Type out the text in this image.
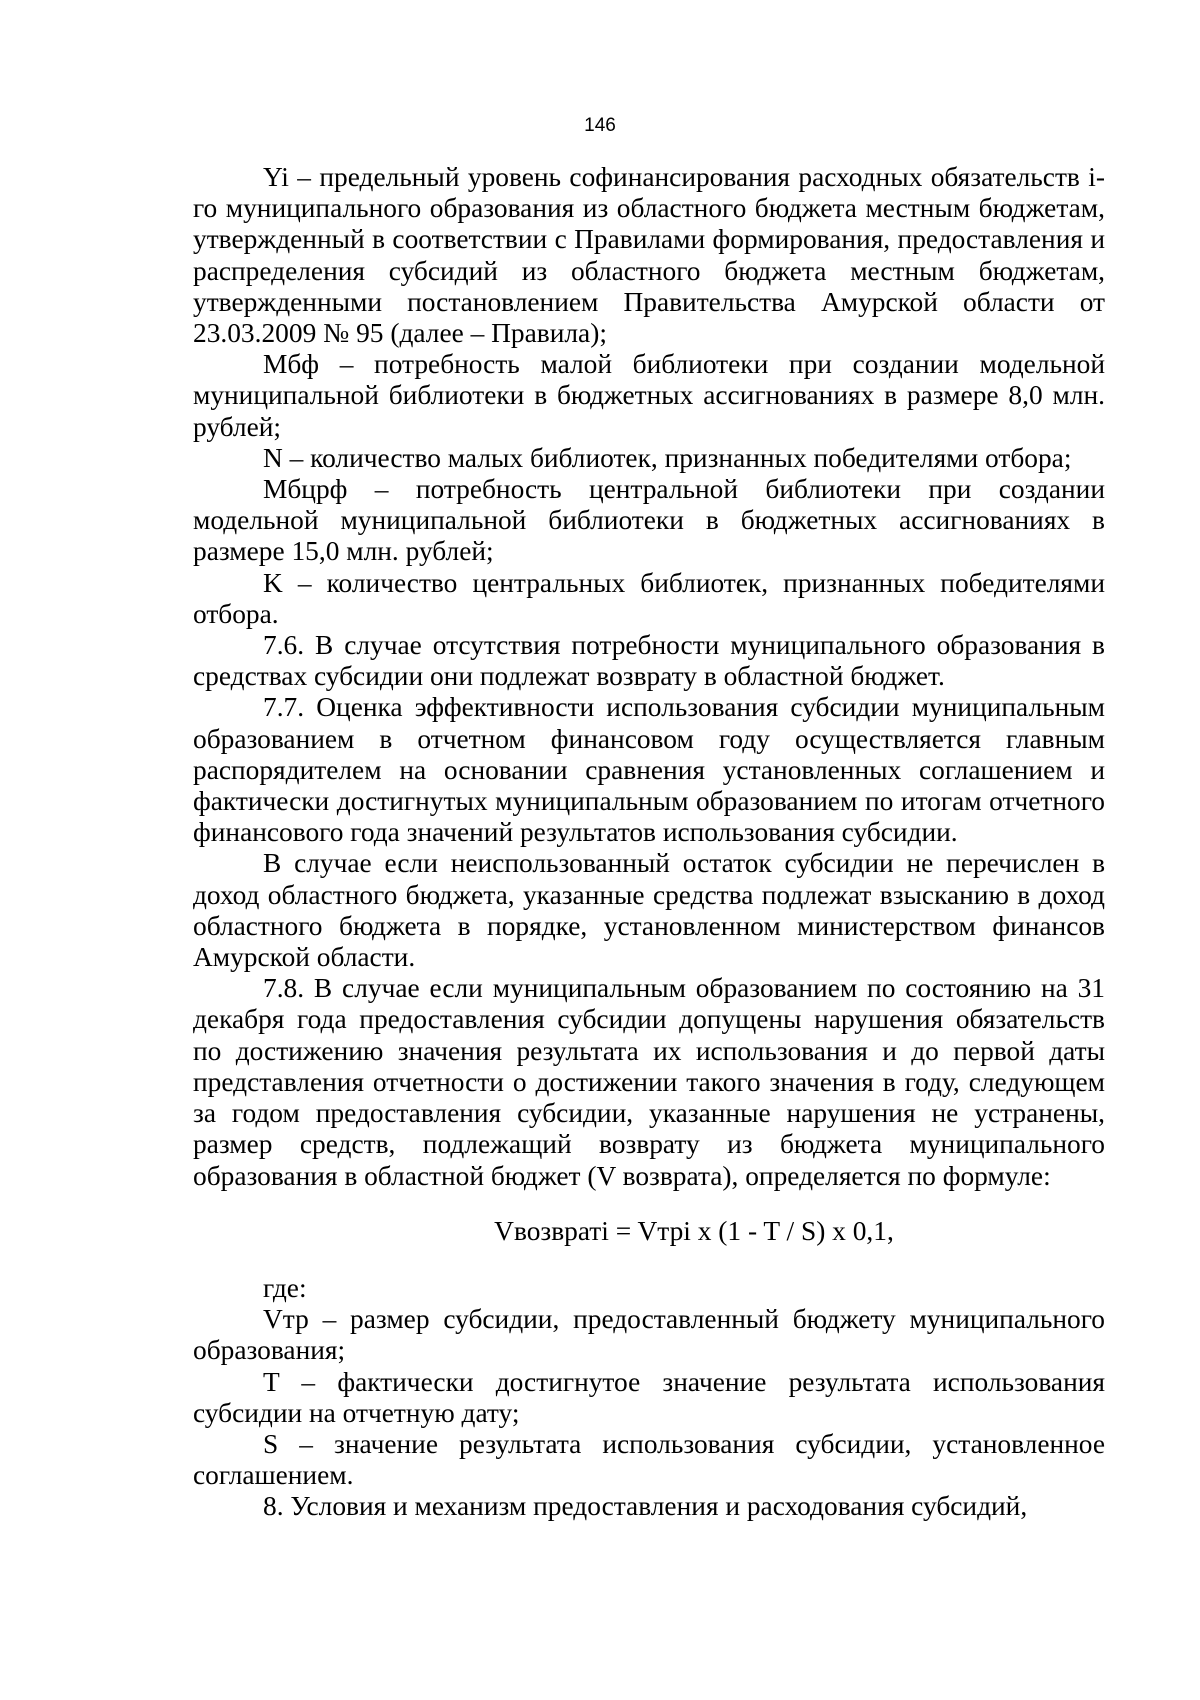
146

Yi – предельный уровень софинансирования расходных обязательств i-го муниципального образования из областного бюджета местным бюджетам, утвержденный в соответствии с Правилами формирования, предоставления и распределения субсидий из областного бюджета местным бюджетам, утвержденными постановлением Правительства Амурской области от 23.03.2009 № 95 (далее – Правила);

Мбф – потребность малой библиотеки при создании модельной муниципальной библиотеки в бюджетных ассигнованиях в размере 8,0 млн. рублей;

N – количество малых библиотек, признанных победителями отбора;

Мбцрф – потребность центральной библиотеки при создании модельной муниципальной библиотеки в бюджетных ассигнованиях в размере 15,0 млн. рублей;

K – количество центральных библиотек, признанных победителями отбора.

7.6. В случае отсутствия потребности муниципального образования в средствах субсидии они подлежат возврату в областной бюджет.

7.7. Оценка эффективности использования субсидии муниципальным образованием в отчетном финансовом году осуществляется главным распорядителем на основании сравнения установленных соглашением и фактически достигнутых муниципальным образованием по итогам отчетного финансового года значений результатов использования субсидии.

В случае если неиспользованный остаток субсидии не перечислен в доход областного бюджета, указанные средства подлежат взысканию в доход областного бюджета в порядке, установленном министерством финансов Амурской области.

7.8. В случае если муниципальным образованием по состоянию на 31 декабря года предоставления субсидии допущены нарушения обязательств по достижению значения результата их использования и до первой даты представления отчетности о достижении такого значения в году, следующем за годом предоставления субсидии, указанные нарушения не устранены, размер средств, подлежащий возврату из бюджета муниципального образования в областной бюджет (V возврата), определяется по формуле:

Vвозвратi = Vтрi x (1 - T / S) x 0,1,

где:

Vтр – размер субсидии, предоставленный бюджету муниципального образования;

T – фактически достигнутое значение результата использования субсидии на отчетную дату;

S – значение результата использования субсидии, установленное соглашением.

8. Условия и механизм предоставления и расходования субсидий,
